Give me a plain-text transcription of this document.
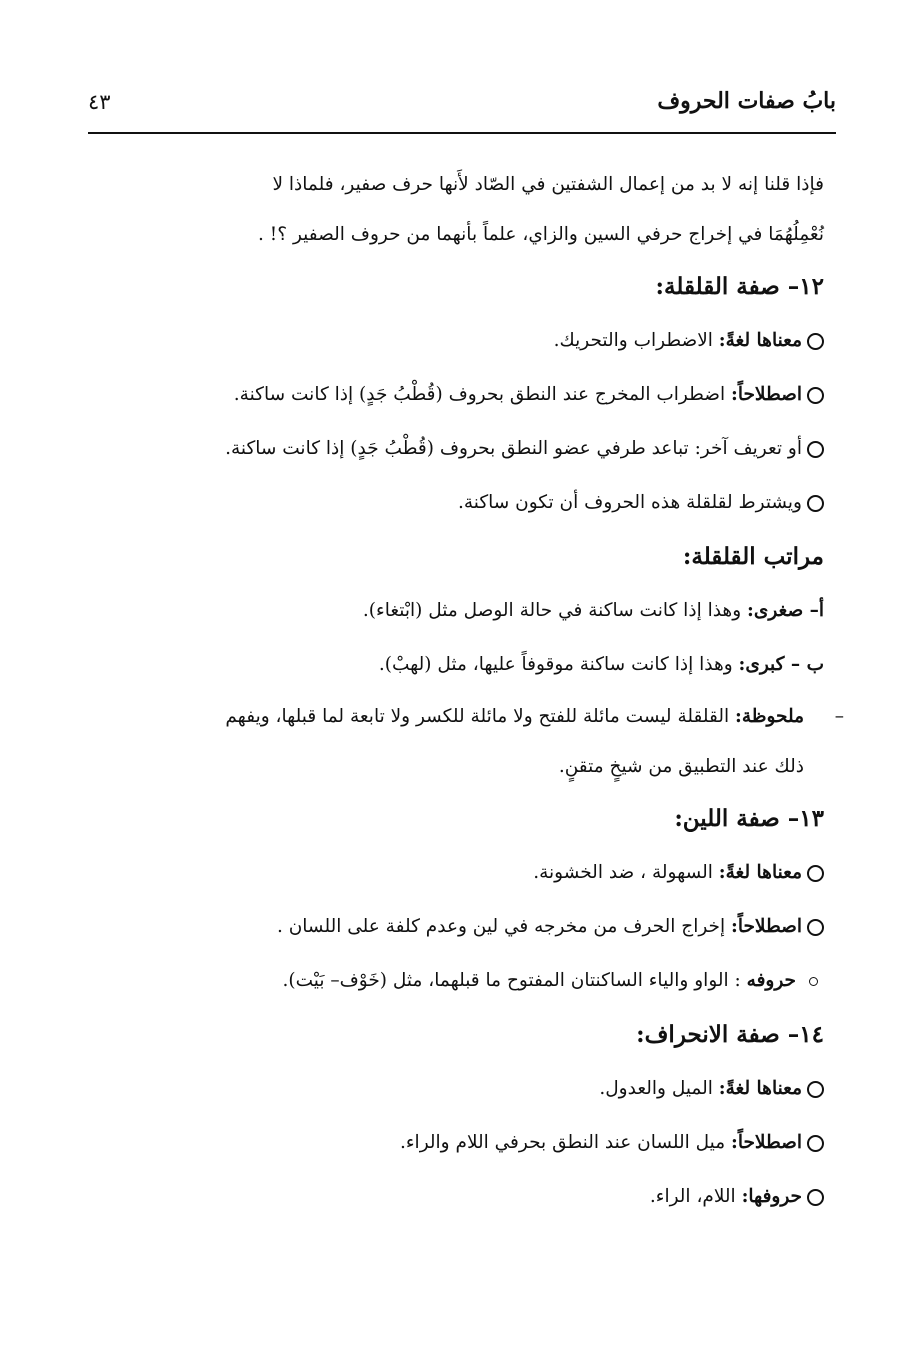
بابُ صفات الحروف
٤٣

فإذا قلنا إنه لا بد من إعمال الشفتين في الصّاد لأَنها حرف صفير، فلماذا لا
نُعْمِلُهُمَا في إخراج حرفي السين والزاي، علماً بأنهما من حروف الصفير ؟! .

١٢– صفة القلقلة:

معناها لغةً: الاضطراب والتحريك.

اصطلاحاً: اضطراب المخرج عند النطق بحروف (قُطْبُ جَدٍ) إذا كانت ساكنة.

أو تعريف آخر: تباعد طرفي عضو النطق بحروف (قُطْبُ جَدٍ) إذا كانت ساكنة.

ويشترط لقلقلة هذه الحروف أن تكون ساكنة.

مراتب القلقلة:

أ– صغرى: وهذا إذا كانت ساكنة في حالة الوصل مثل (ابْتغاء).

ب – كبرى: وهذا إذا كانت ساكنة موقوفاً عليها، مثل (لهبْ).

–
ملحوظة: القلقلة ليست مائلة للفتح ولا مائلة للكسر ولا تابعة لما قبلها، ويفهم
ذلك عند التطبيق من شيخٍ متقنٍ.

١٣– صفة اللين:

معناها لغةً: السهولة ، ضد الخشونة.

اصطلاحاً: إخراج الحرف من مخرجه في لين وعدم كلفة على اللسان .

حروفه : الواو والياء الساكنتان المفتوح ما قبلهما، مثل (خَوْف– بَيْت).

١٤– صفة الانحراف:

معناها لغةً: الميل والعدول.

اصطلاحاً: ميل اللسان عند النطق بحرفي اللام والراء.

حروفها: اللام، الراء.
